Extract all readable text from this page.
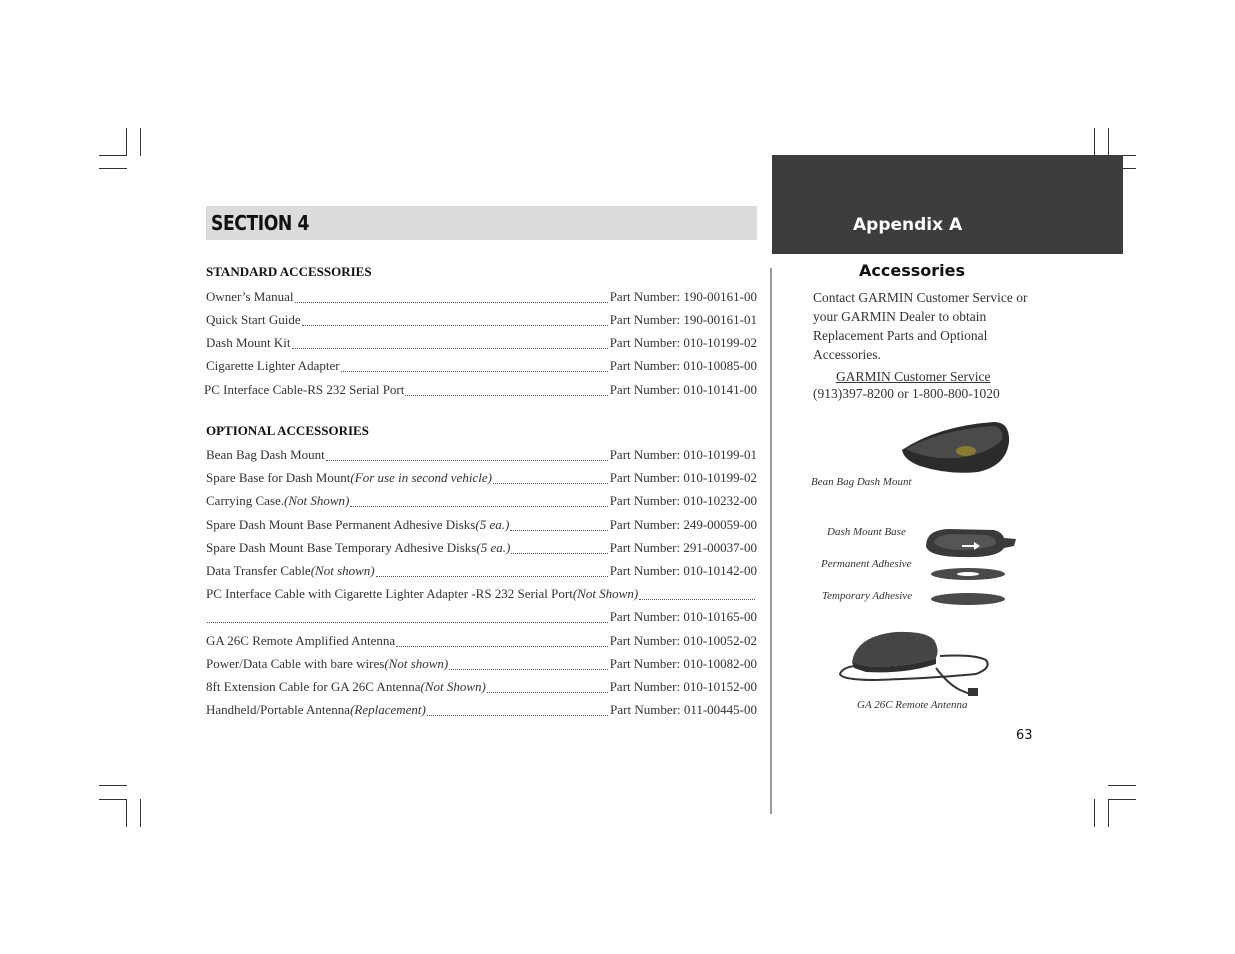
SECTION 4	Appendix A
STANDARD ACCESSORIES
Owner’s Manual	Part Number: 190-00161-00
Quick Start Guide	Part Number: 190-00161-01
Dash Mount Kit	Part Number: 010-10199-02
Cigarette Lighter Adapter	Part Number: 010-10085-00
PC Interface Cable-RS 232 Serial Port	Part Number: 010-10141-00
OPTIONAL ACCESSORIES
Bean Bag Dash Mount	Part Number: 010-10199-01
Spare Base for Dash Mount (For use in second vehicle)	Part Number: 010-10199-02
Carrying Case. (Not Shown)	Part Number: 010-10232-00
Spare Dash Mount Base Permanent Adhesive Disks (5 ea.)	Part Number: 249-00059-00
Spare Dash Mount Base Temporary Adhesive Disks (5 ea.)	Part Number: 291-00037-00
Data Transfer Cable (Not shown)	Part Number: 010-10142-00
PC Interface Cable with Cigarette Lighter Adapter -RS 232 Serial Port (Not Shown)
Part Number: 010-10165-00
GA 26C Remote Amplified Antenna	Part Number: 010-10052-02
Power/Data Cable with bare wires (Not shown)	Part Number: 010-10082-00
8ft Extension Cable for GA 26C Antenna (Not Shown)	Part Number: 010-10152-00
Handheld/Portable Antenna (Replacement)	Part Number: 011-00445-00
Accessories
Contact GARMIN Customer Service or your GARMIN Dealer to obtain Replacement Parts and Optional Accessories.
GARMIN Customer Service
(913)397-8200 or 1-800-800-1020
Bean Bag Dash Mount
Dash Mount Base
Permanent Adhesive
Temporary Adhesive
GA 26C Remote Antenna
63
